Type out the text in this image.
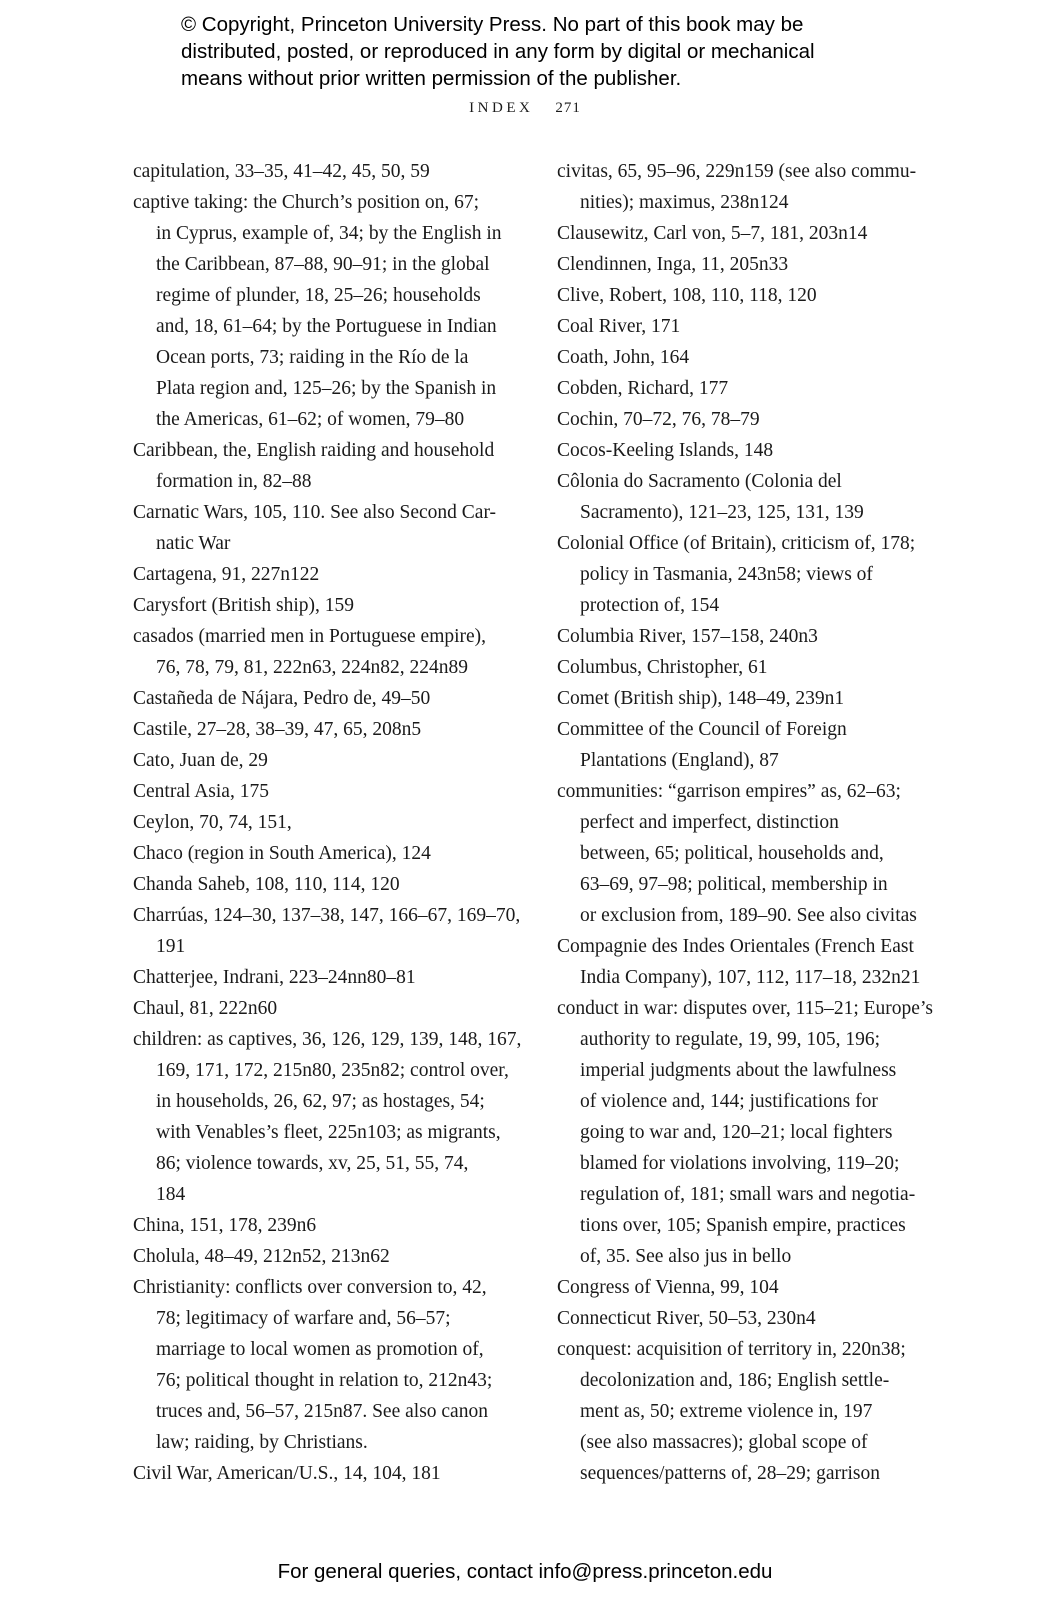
© Copyright, Princeton University Press. No part of this book may be
distributed, posted, or reproduced in any form by digital or mechanical
means without prior written permission of the publisher.
INDEX 271
capitulation, 33–35, 41–42, 45, 50, 59
captive taking: the Church’s position on, 67;
in Cyprus, example of, 34; by the English in
the Caribbean, 87–88, 90–91; in the global
regime of plunder, 18, 25–26; households
and, 18, 61–64; by the Portuguese in Indian
Ocean ports, 73; raiding in the Río de la
Plata region and, 125–26; by the Spanish in
the Americas, 61–62; of women, 79–80
Caribbean, the, English raiding and household
formation in, 82–88
Carnatic Wars, 105, 110. See also Second Car-
natic War
Cartagena, 91, 227n122
Carysfort (British ship), 159
casados (married men in Portuguese empire),
76, 78, 79, 81, 222n63, 224n82, 224n89
Castañeda de Nájara, Pedro de, 49–50
Castile, 27–28, 38–39, 47, 65, 208n5
Cato, Juan de, 29
Central Asia, 175
Ceylon, 70, 74, 151,
Chaco (region in South America), 124
Chanda Saheb, 108, 110, 114, 120
Charrúas, 124–30, 137–38, 147, 166–67, 169–70,
191
Chatterjee, Indrani, 223–24nn80–81
Chaul, 81, 222n60
children: as captives, 36, 126, 129, 139, 148, 167,
169, 171, 172, 215n80, 235n82; control over,
in households, 26, 62, 97; as hostages, 54;
with Venables’s fleet, 225n103; as migrants,
86; violence towards, xv, 25, 51, 55, 74,
184
China, 151, 178, 239n6
Cholula, 48–49, 212n52, 213n62
Christianity: conflicts over conversion to, 42,
78; legitimacy of warfare and, 56–57;
marriage to local women as promotion of,
76; political thought in relation to, 212n43;
truces and, 56–57, 215n87. See also canon
law; raiding, by Christians.
Civil War, American/U.S., 14, 104, 181
civitas, 65, 95–96, 229n159 (see also commu-
nities); maximus, 238n124
Clausewitz, Carl von, 5–7, 181, 203n14
Clendinnen, Inga, 11, 205n33
Clive, Robert, 108, 110, 118, 120
Coal River, 171
Coath, John, 164
Cobden, Richard, 177
Cochin, 70–72, 76, 78–79
Cocos-Keeling Islands, 148
Côlonia do Sacramento (Colonia del
Sacramento), 121–23, 125, 131, 139
Colonial Office (of Britain), criticism of, 178;
policy in Tasmania, 243n58; views of
protection of, 154
Columbia River, 157–158, 240n3
Columbus, Christopher, 61
Comet (British ship), 148–49, 239n1
Committee of the Council of Foreign
Plantations (England), 87
communities: “garrison empires” as, 62–63;
perfect and imperfect, distinction
between, 65; political, households and,
63–69, 97–98; political, membership in
or exclusion from, 189–90. See also civitas
Compagnie des Indes Orientales (French East
India Company), 107, 112, 117–18, 232n21
conduct in war: disputes over, 115–21; Europe’s
authority to regulate, 19, 99, 105, 196;
imperial judgments about the lawfulness
of violence and, 144; justifications for
going to war and, 120–21; local fighters
blamed for violations involving, 119–20;
regulation of, 181; small wars and negotia-
tions over, 105; Spanish empire, practices
of, 35. See also jus in bello
Congress of Vienna, 99, 104
Connecticut River, 50–53, 230n4
conquest: acquisition of territory in, 220n38;
decolonization and, 186; English settle-
ment as, 50; extreme violence in, 197
(see also massacres); global scope of
sequences/patterns of, 28–29; garrison
For general queries, contact info@press.princeton.edu
